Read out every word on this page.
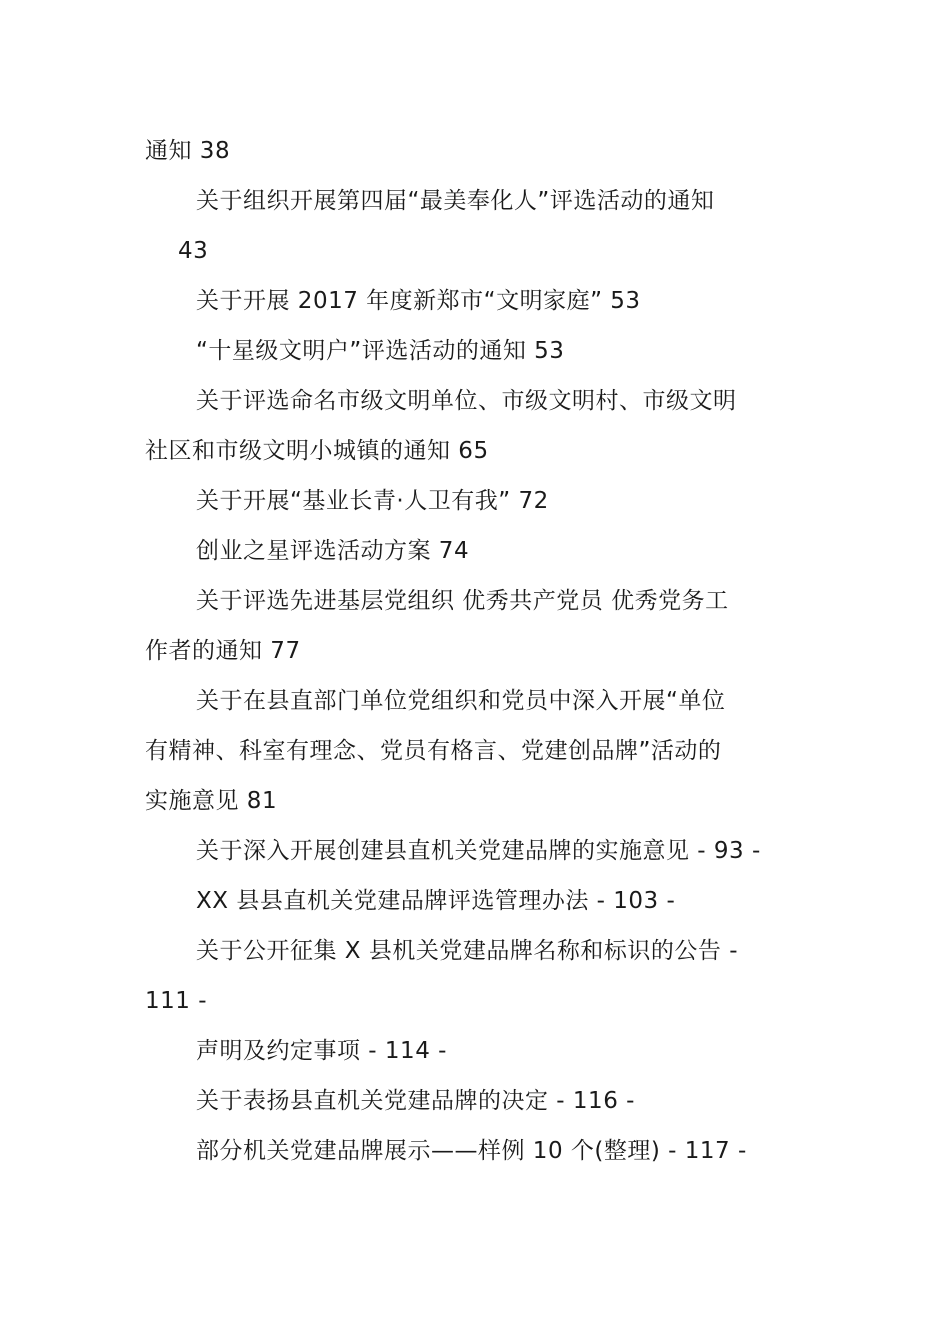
通知 38
关于组织开展第四届“最美奉化人”评选活动的通知
43
关于开展 2017 年度新郑市“文明家庭” 53
“十星级文明户”评选活动的通知 53
关于评选命名市级文明单位、市级文明村、市级文明
社区和市级文明小城镇的通知 65
关于开展“基业长青·人卫有我” 72
创业之星评选活动方案 74
关于评选先进基层党组织 优秀共产党员 优秀党务工
作者的通知 77
关于在县直部门单位党组织和党员中深入开展“单位
有精神、科室有理念、党员有格言、党建创品牌”活动的
实施意见 81
关于深入开展创建县直机关党建品牌的实施意见 - 93 -
XX 县县直机关党建品牌评选管理办法 - 103 -
关于公开征集 X 县机关党建品牌名称和标识的公告 -
111 -
声明及约定事项 - 114 -
关于表扬县直机关党建品牌的决定 - 116 -
部分机关党建品牌展示——样例 10 个(整理) - 117 -
